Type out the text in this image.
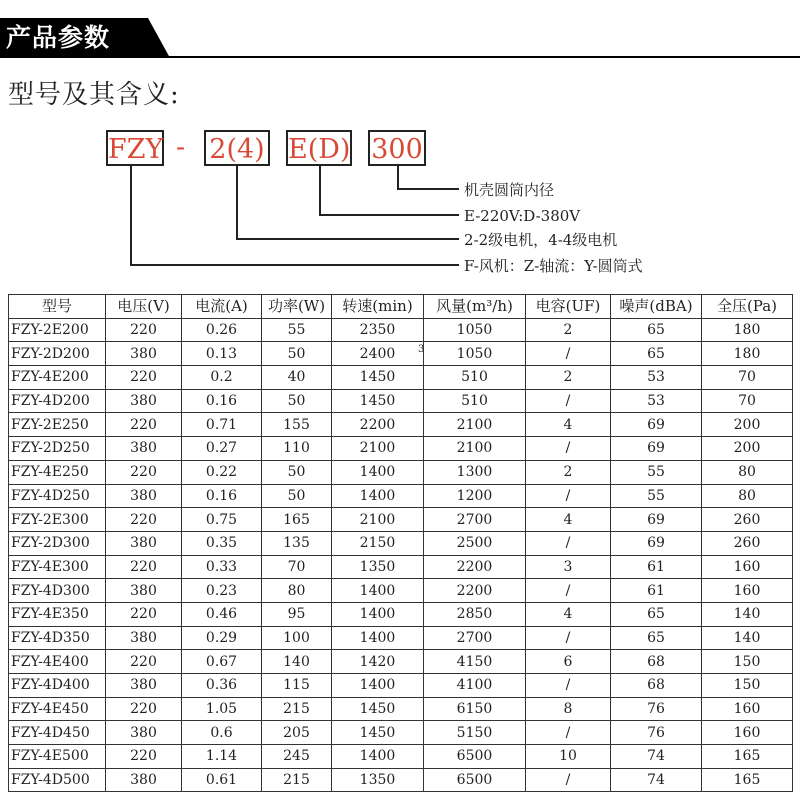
产品参数
型号及其含义:
FZY - 2(4) E(D) 300
机壳圆筒内径
E-220V:D-380V
2-2级电机，4-4级电机
F-风机：Z-轴流：Y-圆筒式
3
型号	电压(V)	电流(A)	功率(W)	转速(min)	风量(m³/h)	电容(UF)	噪声(dBA)	全压(Pa)
FZY-2E200	220	0.26	55	2350	1050	2	65	180
FZY-2D200	380	0.13	50	2400	1050	/	65	180
FZY-4E200	220	0.2	40	1450	510	2	53	70
FZY-4D200	380	0.16	50	1450	510	/	53	70
FZY-2E250	220	0.71	155	2200	2100	4	69	200
FZY-2D250	380	0.27	110	2100	2100	/	69	200
FZY-4E250	220	0.22	50	1400	1300	2	55	80
FZY-4D250	380	0.16	50	1400	1200	/	55	80
FZY-2E300	220	0.75	165	2100	2700	4	69	260
FZY-2D300	380	0.35	135	2150	2500	/	69	260
FZY-4E300	220	0.33	70	1350	2200	3	61	160
FZY-4D300	380	0.23	80	1400	2200	/	61	160
FZY-4E350	220	0.46	95	1400	2850	4	65	140
FZY-4D350	380	0.29	100	1400	2700	/	65	140
FZY-4E400	220	0.67	140	1420	4150	6	68	150
FZY-4D400	380	0.36	115	1400	4100	/	68	150
FZY-4E450	220	1.05	215	1450	6150	8	76	160
FZY-4D450	380	0.6	205	1450	5150	/	76	160
FZY-4E500	220	1.14	245	1400	6500	10	74	165
FZY-4D500	380	0.61	215	1350	6500	/	74	165
